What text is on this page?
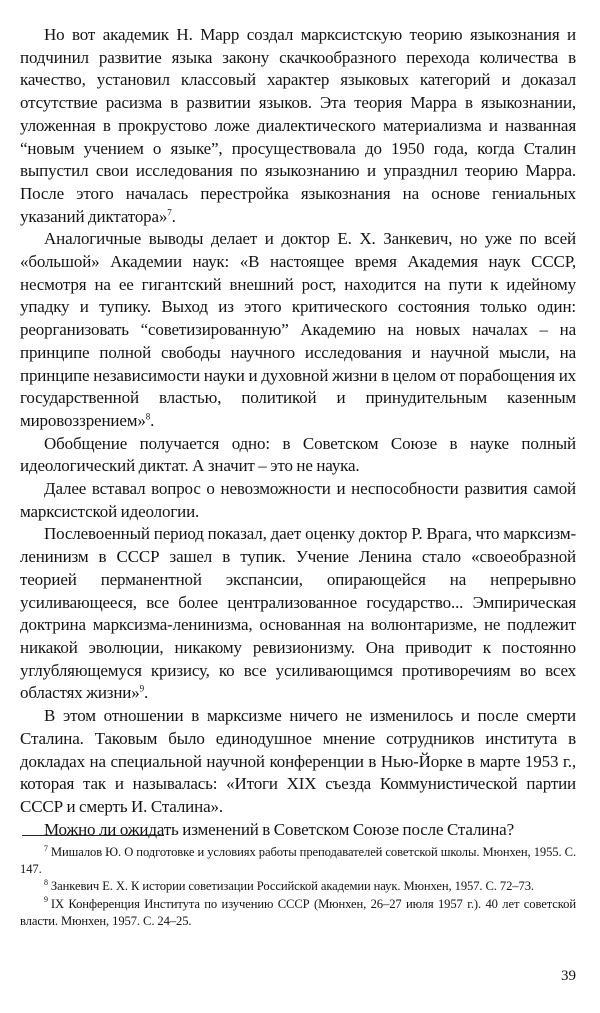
Но вот академик Н. Марр создал марксистскую теорию языкознания и подчинил развитие языка закону скачкообразного перехода количества в качество, установил классовый характер языковых категорий и доказал отсутствие расизма в развитии языков. Эта теория Марра в языкознании, уложенная в прокрустово ложе диалектического материализма и названная “новым учением о языке”, просуществовала до 1950 года, когда Сталин выпустил свои исследования по языкознанию и упразднил теорию Марра. После этого началась перестройка языкознания на основе гениальных указаний диктатора»$^7$.

Аналогичные выводы делает и доктор Е. Х. Занкевич, но уже по всей «большой» Академии наук: «В настоящее время Академия наук СССР, несмотря на ее гигантский внешний рост, находится на пути к идейному упадку и тупику. Выход из этого критического состояния только один: реорганизовать “советизированную” Академию на новых началах – на принципе полной свободы научного исследования и научной мысли, на принципе независимости науки и духовной жизни в целом от порабощения их государственной властью, политикой и принудительным казенным мировоззрением»$^8$.

Обобщение получается одно: в Советском Союзе в науке полный идеологический диктат. А значит – это не наука.

Далее вставал вопрос о невозможности и неспособности развития самой марксистской идеологии.

Послевоенный период показал, дает оценку доктор Р. Врага, что марксизм-ленинизм в СССР зашел в тупик. Учение Ленина стало «своеобразной теорией перманентной экспансии, опирающейся на непрерывно усиливающееся, все более централизованное государство... Эмпирическая доктрина марксизма-ленинизма, основанная на волюнтаризме, не подлежит никакой эволюции, никакому ревизионизму. Она приводит к постоянно углубляющемуся кризису, ко все усиливающимся противоречиям во всех областях жизни»$^9$.

В этом отношении в марксизме ничего не изменилось и после смерти Сталина. Таковым было единодушное мнение сотрудников института в докладах на специальной научной конференции в Нью-Йорке в марте 1953 г., которая так и называлась: «Итоги XIX съезда Коммунистической партии СССР и смерть И. Сталина».

Можно ли ожидать изменений в Советском Союзе после Сталина?

$^7$ Мишалов Ю. О подготовке и условиях работы преподавателей советской школы. Мюнхен, 1955. С. 147.

$^8$ Занкевич Е. Х. К истории советизации Российской академии наук. Мюнхен, 1957. С. 72–73.

$^9$ IX Конференция Института по изучению СССР (Мюнхен, 26–27 июля 1957 г.). 40 лет советской власти. Мюнхен, 1957. С. 24–25.

39
